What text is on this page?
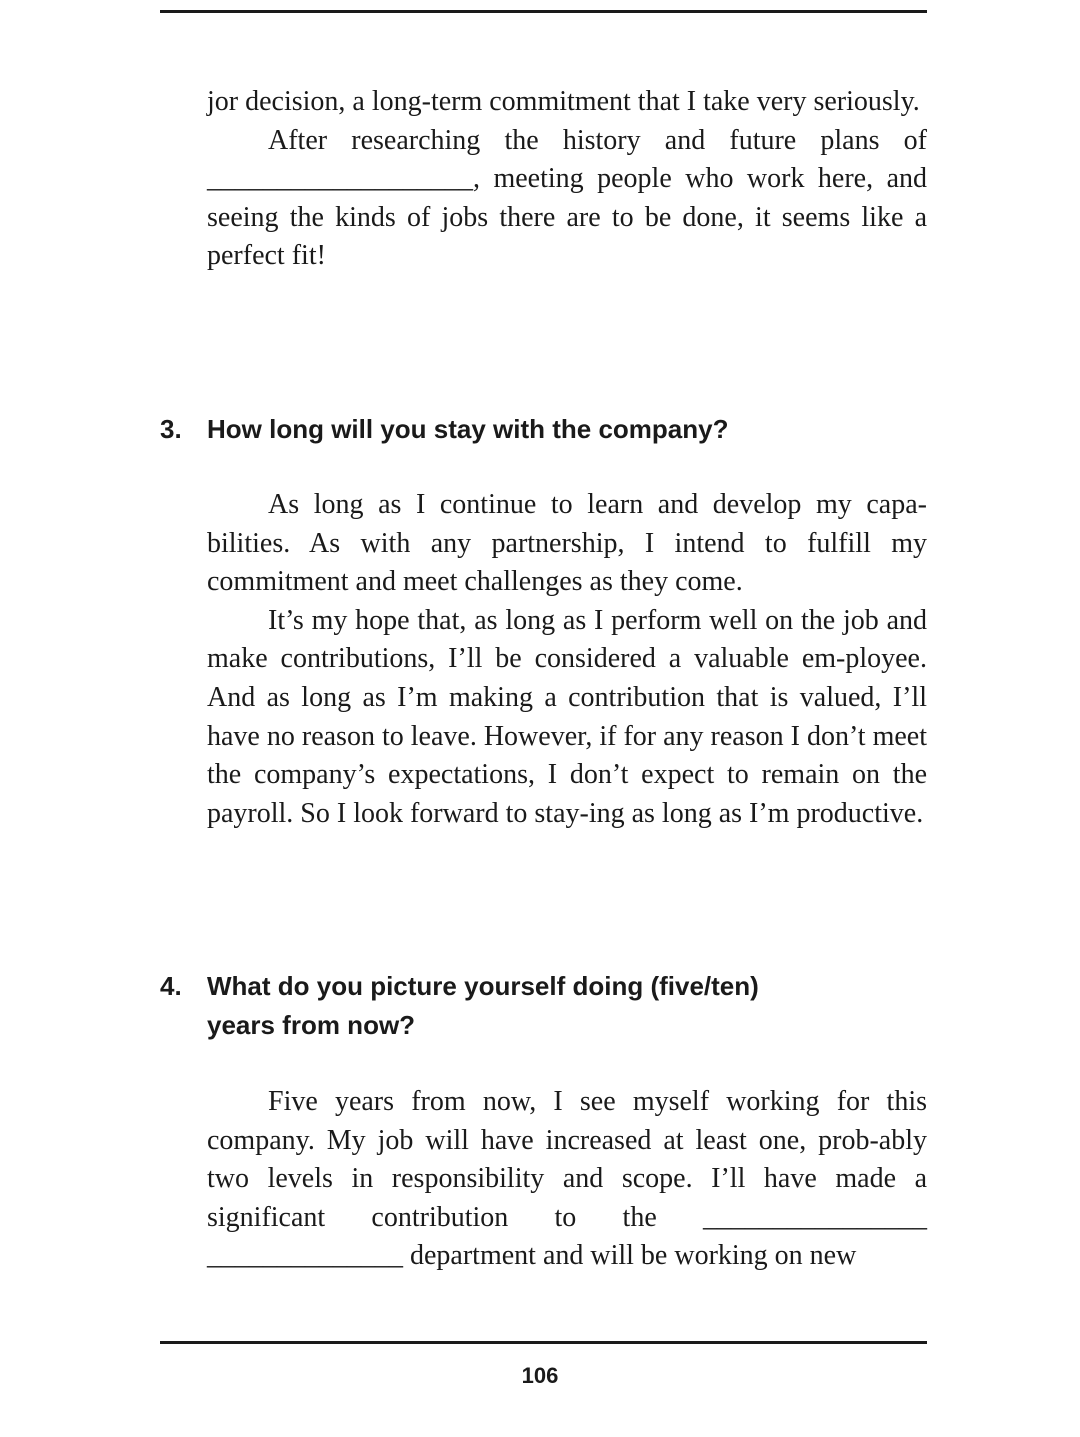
jor decision, a long-term commitment that I take very seriously.

After researching the history and future plans of ___________________, meeting people who work here, and seeing the kinds of jobs there are to be done, it seems like a perfect fit!

3. How long will you stay with the company?

As long as I continue to learn and develop my capa-bilities. As with any partnership, I intend to fulfill my commitment and meet challenges as they come.

It’s my hope that, as long as I perform well on the job and make contributions, I’ll be considered a valuable em-ployee. And as long as I’m making a contribution that is valued, I’ll have no reason to leave. However, if for any reason I don’t meet the company’s expectations, I don’t expect to remain on the payroll. So I look forward to stay-ing as long as I’m productive.

4. What do you picture yourself doing (five/ten)
years from now?

Five years from now, I see myself working for this company. My job will have increased at least one, prob-ably two levels in responsibility and scope. I’ll have made a significant contribution to the ________________ ______________ department and will be working on new

106
